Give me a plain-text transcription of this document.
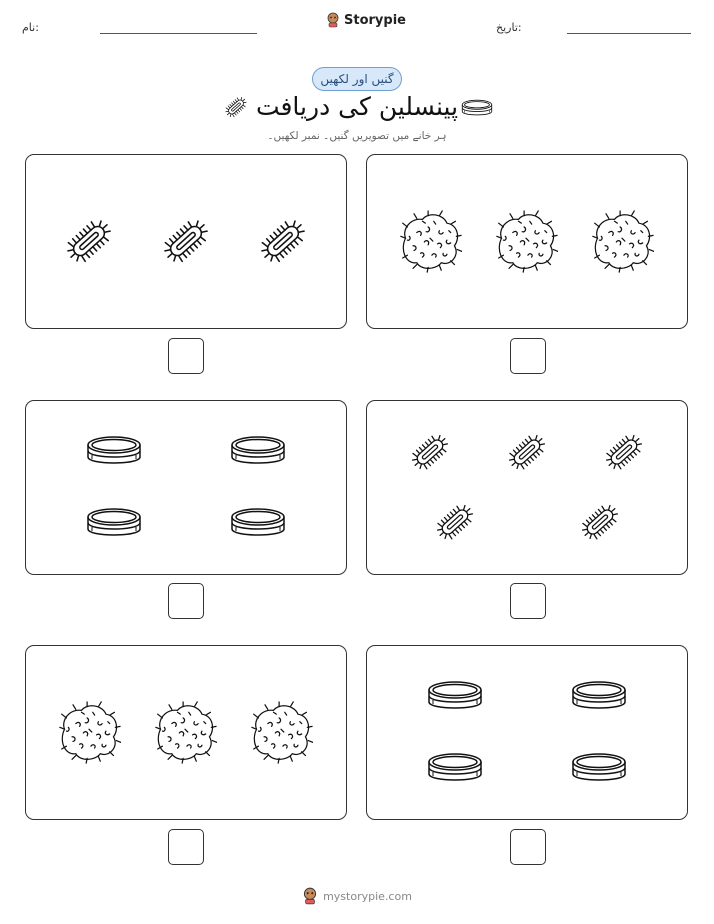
نام:	Storypie	تاریخ:
گنیں اور لکھیں
پینسلین کی دریافت
ہر خانے میں تصویریں گنیں۔ نمبر لکھیں۔
mystorypie.com
